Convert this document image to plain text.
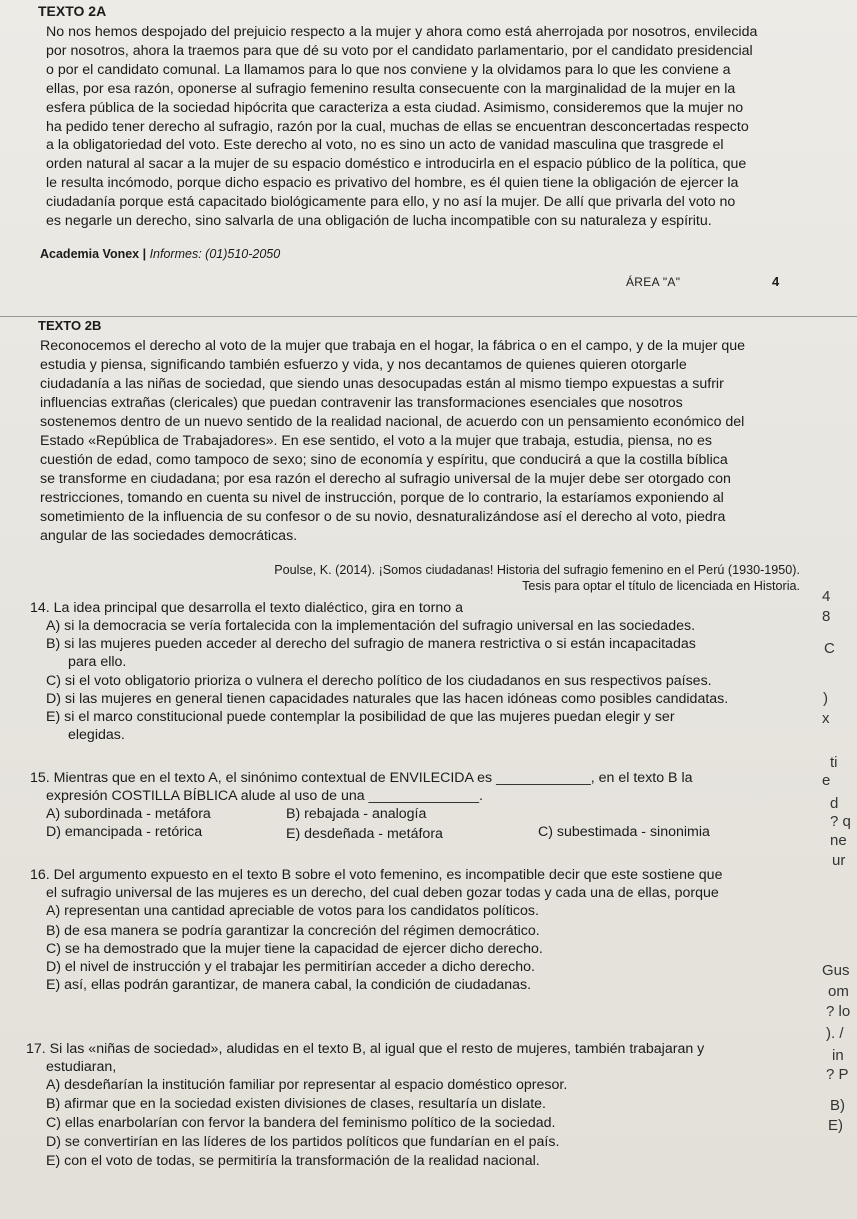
TEXTO 2A
No nos hemos despojado del prejuicio respecto a la mujer y ahora como está aherrojada por nosotros, envilecida
por nosotros, ahora la traemos para que dé su voto por el candidato parlamentario, por el candidato presidencial
o por el candidato comunal. La llamamos para lo que nos conviene y la olvidamos para lo que les conviene a
ellas, por esa razón, oponerse al sufragio femenino resulta consecuente con la marginalidad de la mujer en la
esfera pública de la sociedad hipócrita que caracteriza a esta ciudad. Asimismo, consideremos que la mujer no
ha pedido tener derecho al sufragio, razón por la cual, muchas de ellas se encuentran desconcertadas respecto
a la obligatoriedad del voto. Este derecho al voto, no es sino un acto de vanidad masculina que trasgrede el
orden natural al sacar a la mujer de su espacio doméstico e introducirla en el espacio público de la política, que
le resulta incómodo, porque dicho espacio es privativo del hombre, es él quien tiene la obligación de ejercer la
ciudadanía porque está capacitado biológicamente para ello, y no así la mujer. De allí que privarla del voto no
es negarle un derecho, sino salvarla de una obligación de lucha incompatible con su naturaleza y espíritu.
Academia Vonex | Informes: (01)510-2050
ÁREA "A"	4
TEXTO 2B
Reconocemos el derecho al voto de la mujer que trabaja en el hogar, la fábrica o en el campo, y de la mujer que
estudia y piensa, significando también esfuerzo y vida, y nos decantamos de quienes quieren otorgarle
ciudadanía a las niñas de sociedad, que siendo unas desocupadas están al mismo tiempo expuestas a sufrir
influencias extrañas (clericales) que puedan contravenir las transformaciones esenciales que nosotros
sostenemos dentro de un nuevo sentido de la realidad nacional, de acuerdo con un pensamiento económico del
Estado «República de Trabajadores». En ese sentido, el voto a la mujer que trabaja, estudia, piensa, no es
cuestión de edad, como tampoco de sexo; sino de economía y espíritu, que conducirá a que la costilla bíblica
se transforme en ciudadana; por esa razón el derecho al sufragio universal de la mujer debe ser otorgado con
restricciones, tomando en cuenta su nivel de instrucción, porque de lo contrario, la estaríamos exponiendo al
sometimiento de la influencia de su confesor o de su novio, desnaturalizándose así el derecho al voto, piedra
angular de las sociedades democráticas.
Poulse, K. (2014). ¡Somos ciudadanas! Historia del sufragio femenino en el Perú (1930-1950).
Tesis para optar el título de licenciada en Historia.
14. La idea principal que desarrolla el texto dialéctico, gira en torno a
A) si la democracia se vería fortalecida con la implementación del sufragio universal en las sociedades.
B) si las mujeres pueden acceder al derecho del sufragio de manera restrictiva o si están incapacitadas
para ello.
C) si el voto obligatorio prioriza o vulnera el derecho político de los ciudadanos en sus respectivos países.
D) si las mujeres en general tienen capacidades naturales que las hacen idóneas como posibles candidatas.
E) si el marco constitucional puede contemplar la posibilidad de que las mujeres puedan elegir y ser
elegidas.
15. Mientras que en el texto A, el sinónimo contextual de ENVILECIDA es ____________, en el texto B la
expresión COSTILLA BÍBLICA alude al uso de una ______________.
A) subordinada - metáfora	B) rebajada - analogía
C) subestimada - sinonimia
D) emancipada - retórica	E) desdeñada - metáfora
16. Del argumento expuesto en el texto B sobre el voto femenino, es incompatible decir que este sostiene que
el sufragio universal de las mujeres es un derecho, del cual deben gozar todas y cada una de ellas, porque
A) representan una cantidad apreciable de votos para los candidatos políticos.
B) de esa manera se podría garantizar la concreción del régimen democrático.
C) se ha demostrado que la mujer tiene la capacidad de ejercer dicho derecho.
D) el nivel de instrucción y el trabajar les permitirían acceder a dicho derecho.
E) así, ellas podrán garantizar, de manera cabal, la condición de ciudadanas.
17. Si las «niñas de sociedad», aludidas en el texto B, al igual que el resto de mujeres, también trabajaran y
estudiaran,
A) desdeñarían la institución familiar por representar al espacio doméstico opresor.
B) afirmar que en la sociedad existen divisiones de clases, resultaría un dislate.
C) ellas enarbolarían con fervor la bandera del feminismo político de la sociedad.
D) se convertirían en las líderes de los partidos políticos que fundarían en el país.
E) con el voto de todas, se permitiría la transformación de la realidad nacional.
4
8
C
)
x
ti
e
d
? q
ne
ur
Gus
om
? lo
). /
in
? P
B)
E)
